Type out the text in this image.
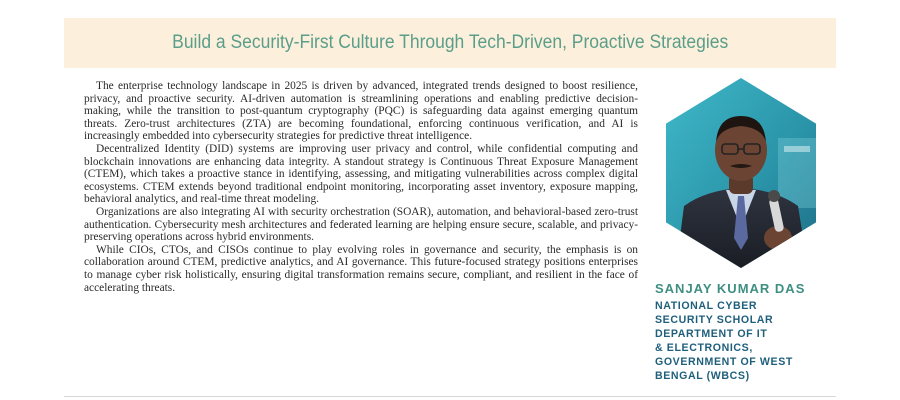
Build a Security-First Culture Through Tech-Driven, Proactive Strategies

The enterprise technology landscape in 2025 is driven by advanced, integrated trends designed to boost resilience, privacy, and proactive security. AI-driven automation is streamlining operations and enabling predictive decision-making, while the transition to post-quantum cryptography (PQC) is safeguarding data against emerging quantum threats. Zero-trust architectures (ZTA) are becoming foundational, enforcing continuous verification, and AI is increasingly embedded into cybersecurity strategies for predictive threat intelligence.

Decentralized Identity (DID) systems are improving user privacy and control, while confidential computing and blockchain innovations are enhancing data integrity. A standout strategy is Continuous Threat Exposure Management (CTEM), which takes a proactive stance in identifying, assessing, and mitigating vulnerabilities across complex digital ecosystems. CTEM extends beyond traditional endpoint monitoring, incorporating asset inventory, exposure mapping, behavioral analytics, and real-time threat modeling.

Organizations are also integrating AI with security orchestration (SOAR), automation, and behavioral-based zero-trust authentication. Cybersecurity mesh architectures and federated learning are helping ensure secure, scalable, and privacy-preserving operations across hybrid environments.

While CIOs, CTOs, and CISOs continue to play evolving roles in governance and security, the emphasis is on collaboration around CTEM, predictive analytics, and AI governance. This future-focused strategy positions enterprises to manage cyber risk holistically, ensuring digital transformation remains secure, compliant, and resilient in the face of accelerating threats.	SANJAY KUMAR DAS
NATIONAL CYBER
SECURITY SCHOLAR
DEPARTMENT OF IT
& ELECTRONICS,
GOVERNMENT OF WEST
BENGAL (WBCS)
